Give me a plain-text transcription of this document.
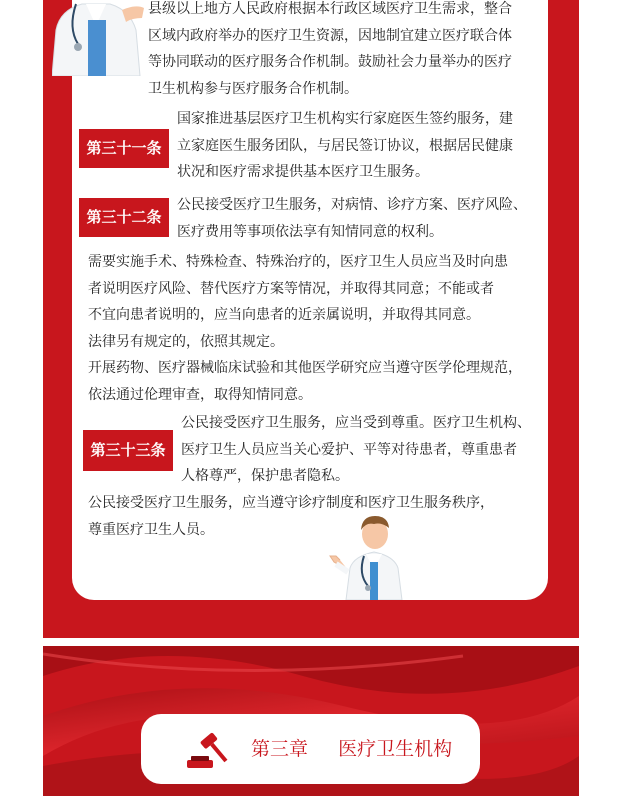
县级以上地方人民政府根据本行政区域医疗卫生需求，整合
区域内政府举办的医疗卫生资源，因地制宜建立医疗联合体
等协同联动的医疗服务合作机制。鼓励社会力量举办的医疗
卫生机构参与医疗服务合作机制。
第三十一条
国家推进基层医疗卫生机构实行家庭医生签约服务，建
立家庭医生服务团队，与居民签订协议，根据居民健康
状况和医疗需求提供基本医疗卫生服务。
第三十二条
公民接受医疗卫生服务，对病情、诊疗方案、医疗风险、
医疗费用等事项依法享有知情同意的权利。
需要实施手术、特殊检查、特殊治疗的，医疗卫生人员应当及时向患
者说明医疗风险、替代医疗方案等情况，并取得其同意；不能或者
不宜向患者说明的，应当向患者的近亲属说明，并取得其同意。
法律另有规定的，依照其规定。
开展药物、医疗器械临床试验和其他医学研究应当遵守医学伦理规范，
依法通过伦理审查，取得知情同意。
第三十三条
公民接受医疗卫生服务，应当受到尊重。医疗卫生机构、
医疗卫生人员应当关心爱护、平等对待患者，尊重患者
人格尊严，保护患者隐私。
公民接受医疗卫生服务，应当遵守诊疗制度和医疗卫生服务秩序，
尊重医疗卫生人员。
第三章 医疗卫生机构
